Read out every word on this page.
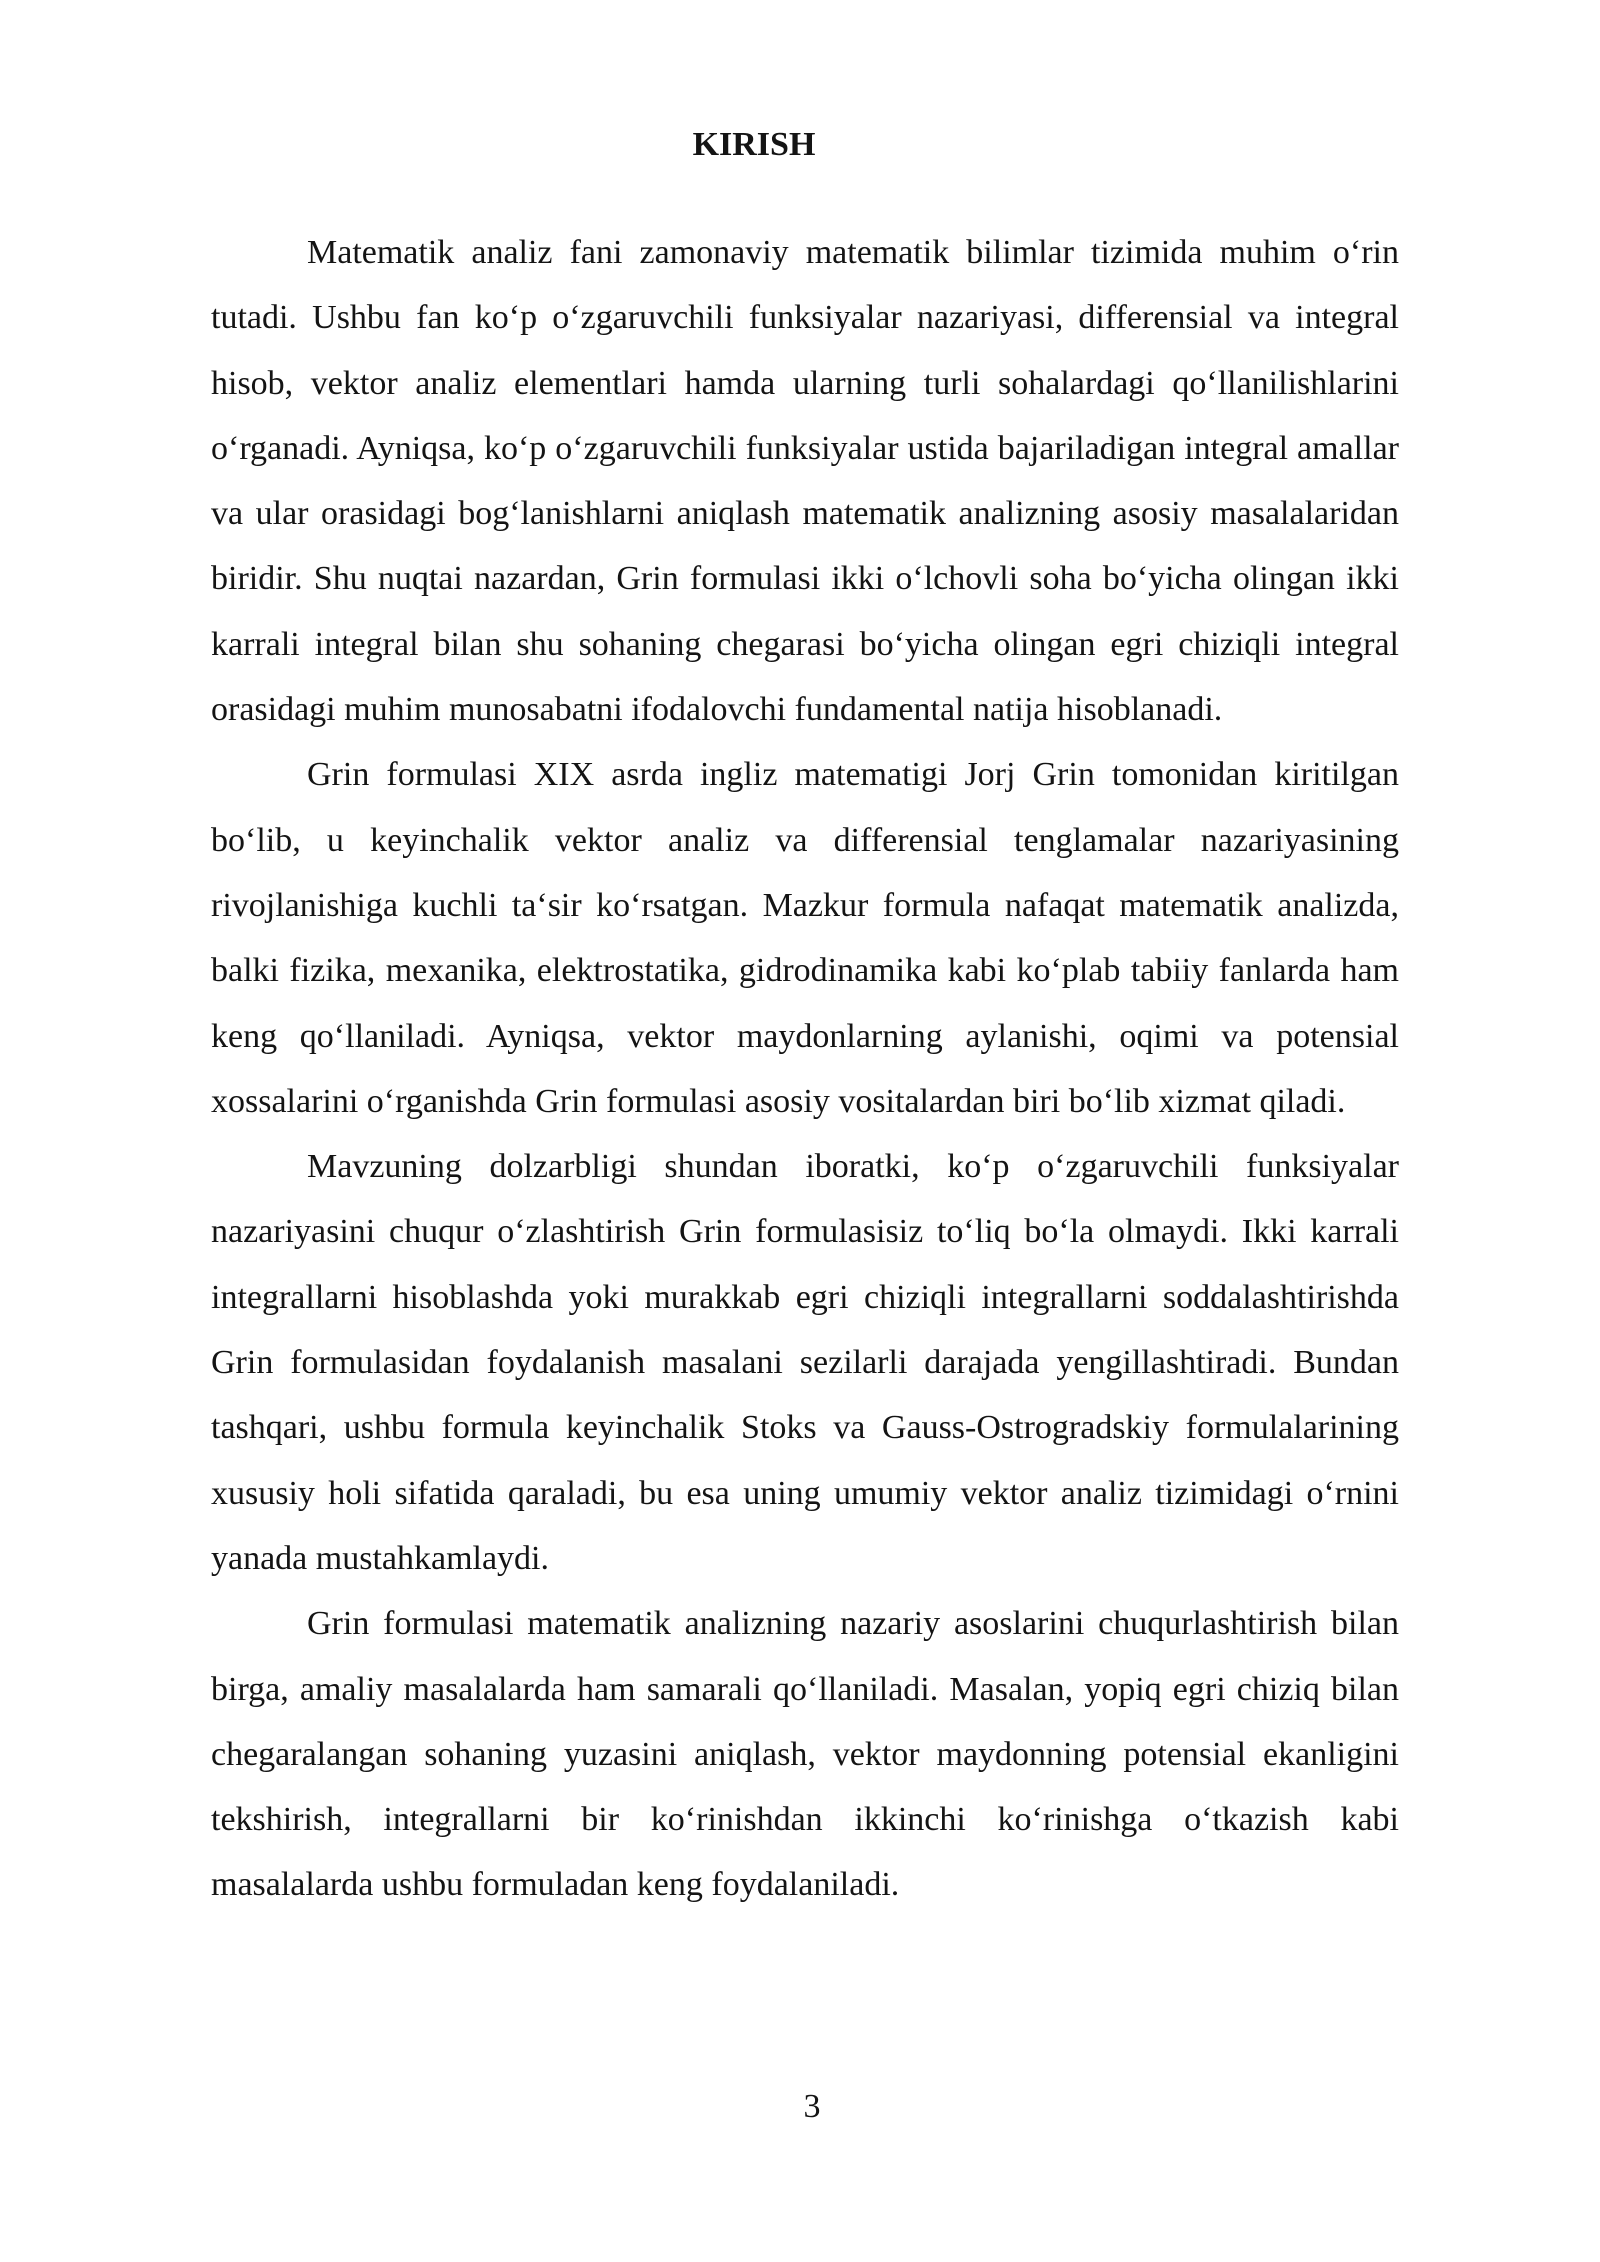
KIRISH

Matematik analiz fani zamonaviy matematik bilimlar tizimida muhim o‘rin tutadi. Ushbu fan ko‘p o‘zgaruvchili funksiyalar nazariyasi, differensial va integral hisob, vektor analiz elementlari hamda ularning turli sohalardagi qo‘llanilishlarini o‘rganadi. Ayniqsa, ko‘p o‘zgaruvchili funksiyalar ustida bajariladigan integral amallar va ular orasidagi bog‘lanishlarni aniqlash matematik analizning asosiy masalalaridan biridir. Shu nuqtai nazardan, Grin formulasi ikki o‘lchovli soha bo‘yicha olingan ikki karrali integral bilan shu sohaning chegarasi bo‘yicha olingan egri chiziqli integral orasidagi muhim munosabatni ifodalovchi fundamental natija hisoblanadi.

Grin formulasi XIX asrda ingliz matematigi Jorj Grin tomonidan kiritilgan bo‘lib, u keyinchalik vektor analiz va differensial tenglamalar nazariyasining rivojlanishiga kuchli ta‘sir ko‘rsatgan. Mazkur formula nafaqat matematik analizda, balki fizika, mexanika, elektrostatika, gidrodinamika kabi ko‘plab tabiiy fanlarda ham keng qo‘llaniladi. Ayniqsa, vektor maydonlarning aylanishi, oqimi va potensial xossalarini o‘rganishda Grin formulasi asosiy vositalardan biri bo‘lib xizmat qiladi.

Mavzuning dolzarbligi shundan iboratki, ko‘p o‘zgaruvchili funksiyalar nazariyasini chuqur o‘zlashtirish Grin formulasisiz to‘liq bo‘la olmaydi. Ikki karrali integrallarni hisoblashda yoki murakkab egri chiziqli integrallarni soddalashtirishda Grin formulasidan foydalanish masalani sezilarli darajada yengillashtiradi. Bundan tashqari, ushbu formula keyinchalik Stoks va Gauss-Ostrogradskiy formulalarining xususiy holi sifatida qaraladi, bu esa uning umumiy vektor analiz tizimidagi o‘rnini yanada mustahkamlaydi.

Grin formulasi matematik analizning nazariy asoslarini chuqurlashtirish bilan birga, amaliy masalalarda ham samarali qo‘llaniladi. Masalan, yopiq egri chiziq bilan chegaralangan sohaning yuzasini aniqlash, vektor maydonning potensial ekanligini tekshirish, integrallarni bir ko‘rinishdan ikkinchi ko‘rinishga o‘tkazish kabi masalalarda ushbu formuladan keng foydalaniladi.

3
